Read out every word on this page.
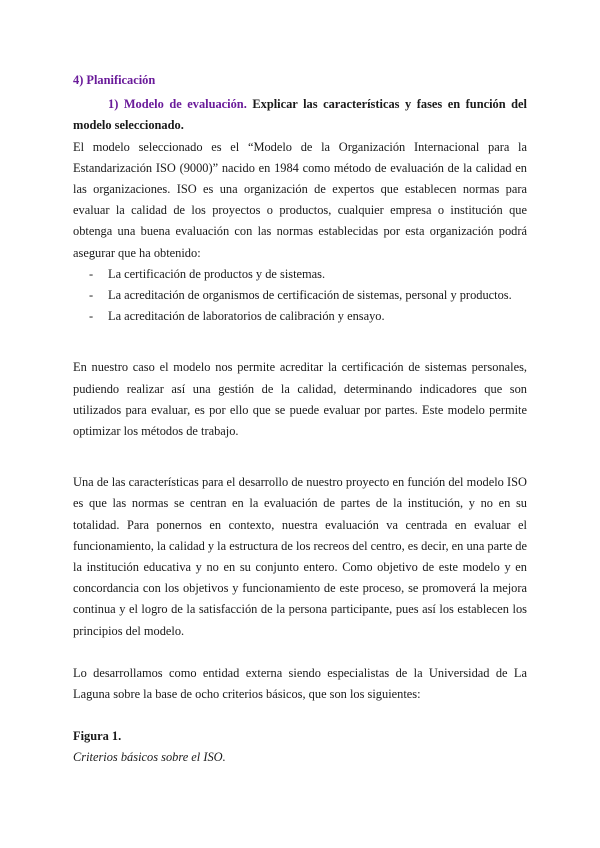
4) Planificación

1) Modelo de evaluación. Explicar las características y fases en función del modelo seleccionado.

El modelo seleccionado es el “Modelo de la Organización Internacional para la Estandarización ISO (9000)” nacido en 1984 como método de evaluación de la calidad en las organizaciones. ISO es una organización de expertos que establecen normas para evaluar la calidad de los proyectos o productos, cualquier empresa o institución que obtenga una buena evaluación con las normas establecidas por esta organización podrá asegurar que ha obtenido:

- La certificación de productos y de sistemas.
- La acreditación de organismos de certificación de sistemas, personal y productos.
- La acreditación de laboratorios de calibración y ensayo.

En nuestro caso el modelo nos permite acreditar la certificación de sistemas personales, pudiendo realizar así una gestión de la calidad, determinando indicadores que son utilizados para evaluar, es por ello que se puede evaluar por partes. Este modelo permite optimizar los métodos de trabajo.

Una de las características para el desarrollo de nuestro proyecto en función del modelo ISO es que las normas se centran en la evaluación de partes de la institución, y no en su totalidad. Para ponernos en contexto, nuestra evaluación va centrada en evaluar el funcionamiento, la calidad y la estructura de los recreos del centro, es decir, en una parte de la institución educativa y no en su conjunto entero. Como objetivo de este modelo y en concordancia con los objetivos y funcionamiento de este proceso, se promoverá la mejora continua y el logro de la satisfacción de la persona participante, pues así los establecen los principios del modelo.

Lo desarrollamos como entidad externa siendo especialistas de la Universidad de La Laguna sobre la base de ocho criterios básicos, que son los siguientes:

Figura 1.

Criterios básicos sobre el ISO.
